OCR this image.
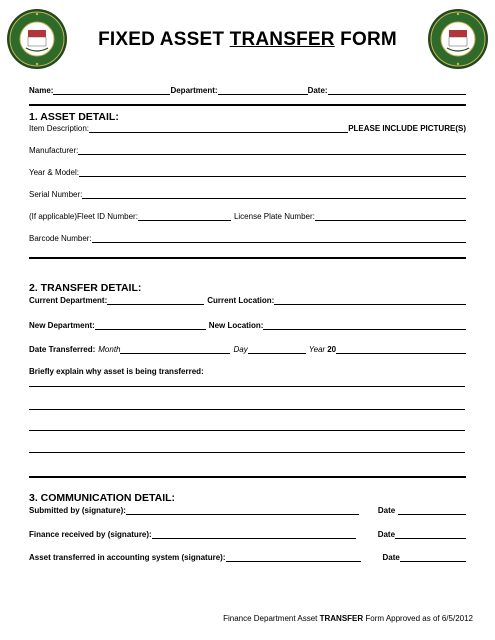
FIXED ASSET TRANSFER FORM
Name:	Department:	Date:
1. ASSET DETAIL:
Item Description:	PLEASE INCLUDE PICTURE(S)
Manufacturer:
Year & Model:
Serial Number:
(If applicable)Fleet ID Number:	License Plate Number:
Barcode Number:
2. TRANSFER DETAIL:
Current Department:	Current Location:
New Department:	New Location:
Date Transferred: Month	Day	Year 20
Briefly explain why asset is being transferred:
3. COMMUNICATION DETAIL:
Submitted by (signature):	Date
Finance received by (signature):	Date
Asset transferred in accounting system (signature):	Date
Finance Department Asset TRANSFER Form Approved as of 6/5/2012
